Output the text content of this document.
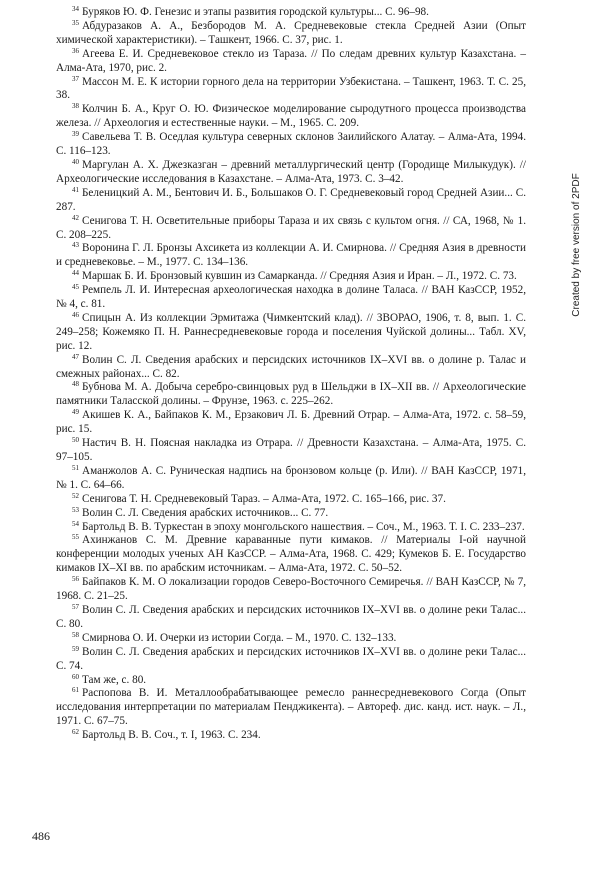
$^{34}$ Буряков Ю. Ф. Генезис и этапы развития городской культуры... С. 96–98.

$^{35}$ Абдуразаков А. А., Безбородов М. А. Средневековые стекла Средней Азии (Опыт химической характеристики). – Ташкент, 1966. С. 37, рис. 1.

$^{36}$ Агеева Е. И. Средневековое стекло из Тараза. // По следам древних культур Казахстана. – Алма-Ата, 1970, рис. 2.

$^{37}$ Массон М. Е. К истории горного дела на территории Узбекистана. – Ташкент, 1963. Т. С. 25, 38.

$^{38}$ Колчин Б. А., Круг О. Ю. Физическое моделирование сыродутного процесса производства железа. // Археология и естественные науки. – М., 1965. С. 209.

$^{39}$ Савельева Т. В. Оседлая культура северных склонов Заилийского Алатау. – Алма-Ата, 1994. С. 116–123.

$^{40}$ Маргулан А. Х. Джезказган – древний металлургический центр (Городище Милыкудук). // Археологические исследования в Казахстане. – Алма-Ата, 1973. С. 3–42.

$^{41}$ Беленицкий А. М., Бентович И. Б., Большаков О. Г. Средневековый город Средней Азии... С. 287.

$^{42}$ Сенигова Т. Н. Осветительные приборы Тараза и их связь с культом огня. // СА, 1968, № 1. С. 208–225.

$^{43}$ Воронина Г. Л. Бронзы Ахсикета из коллекции А. И. Смирнова. // Средняя Азия в древности и средневековье. – М., 1977. С. 134–136.

$^{44}$ Маршак Б. И. Бронзовый кувшин из Самарканда. // Средняя Азия и Иран. – Л., 1972. С. 73.

$^{45}$ Ремпель Л. И. Интересная археологическая находка в долине Таласа. // ВАН КазССР, 1952, № 4, с. 81.

$^{46}$ Спицын А. Из коллекции Эрмитажа (Чимкентский клад). // ЗВОРАО, 1906, т. 8, вып. 1. С. 249–258; Кожемяко П. Н. Раннесредневековые города и поселения Чуйской долины... Табл. XV, рис. 12.

$^{47}$ Волин С. Л. Сведения арабских и персидских источников IX–XVI вв. о долине р. Талас и смежных районах... С. 82.

$^{48}$ Бубнова М. А. Добыча серебро-свинцовых руд в Шельджи в IX–XII вв. // Археологические памятники Таласской долины. – Фрунзе, 1963. с. 225–262.

$^{49}$ Акишев К. А., Байпаков К. М., Ерзакович Л. Б. Древний Отрар. – Алма-Ата, 1972. с. 58–59, рис. 15.

$^{50}$ Настич В. Н. Поясная накладка из Отрара. // Древности Казахстана. – Алма-Ата, 1975. С. 97–105.

$^{51}$ Аманжолов А. С. Руническая надпись на бронзовом кольце (р. Или). // ВАН КазССР, 1971, № 1. С. 64–66.

$^{52}$ Сенигова Т. Н. Средневековый Тараз. – Алма-Ата, 1972. С. 165–166, рис. 37.

$^{53}$ Волин С. Л. Сведения арабских источников... С. 77.

$^{54}$ Бартольд В. В. Туркестан в эпоху монгольского нашествия. – Соч., М., 1963. Т. I. С. 233–237.

$^{55}$ Ахинжанов С. М. Древние караванные пути кимаков. // Материалы I-ой научной конференции молодых ученых АН КазССР. – Алма-Ата, 1968. С. 429; Кумеков Б. Е. Государство кимаков IX–XI вв. по арабским источникам. – Алма-Ата, 1972. С. 50–52.

$^{56}$ Байпаков К. М. О локализации городов Северо-Восточного Семиречья. // ВАН КазССР, № 7, 1968. С. 21–25.

$^{57}$ Волин С. Л. Сведения арабских и персидских источников IX–XVI вв. о долине реки Талас... С. 80.

$^{58}$ Смирнова О. И. Очерки из истории Согда. – М., 1970. С. 132–133.

$^{59}$ Волин С. Л. Сведения арабских и персидских источников IX–XVI вв. о долине реки Талас... С. 74.

$^{60}$ Там же, с. 80.

$^{61}$ Распопова В. И. Металлообрабатывающее ремесло раннесредневекового Согда (Опыт исследования интерпретации по материалам Пенджикента). – Автореф. дис. канд. ист. наук. – Л., 1971. С. 67–75.

$^{62}$ Бартольд В. В. Соч., т. I, 1963. С. 234.

Created by free version of 2PDF
486
